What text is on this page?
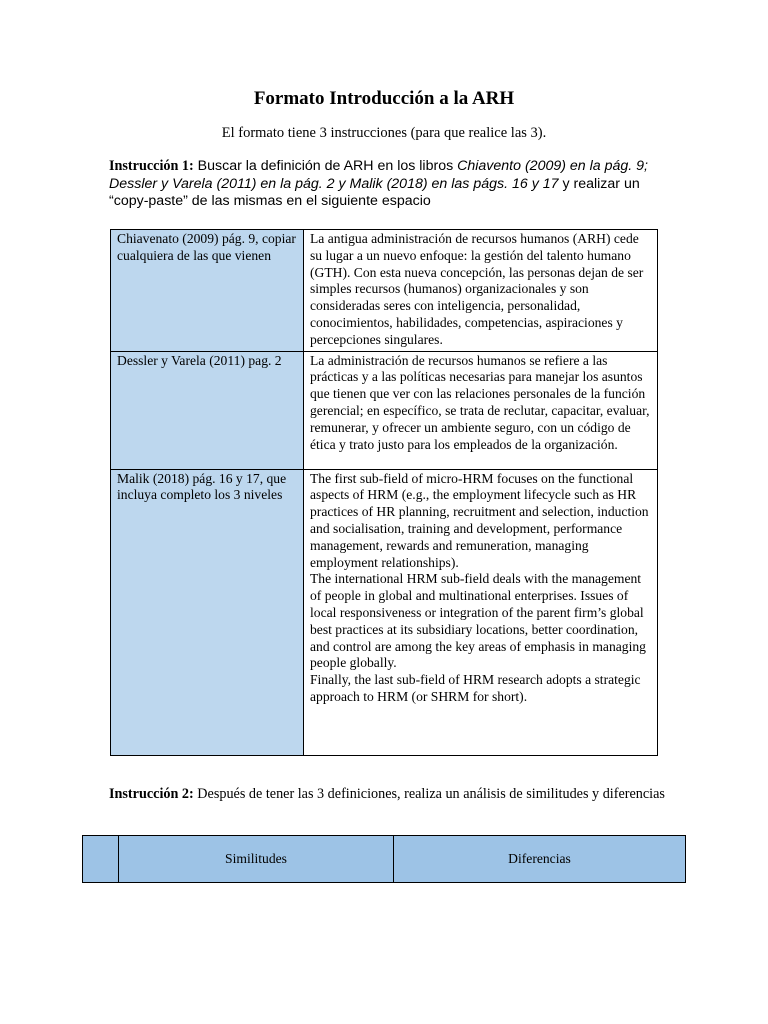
Formato Introducción a la ARH
El formato tiene 3 instrucciones (para que realice las 3).
Instrucción 1: Buscar la definición de ARH en los libros Chiavento (2009) en la pág. 9; Dessler y Varela (2011) en la pág. 2 y Malik (2018) en las págs. 16 y 17 y realizar un “copy-paste” de las mismas en el siguiente espacio
Chiavenato (2009) pág. 9, copiar cualquiera de las que vienen	La antigua administración de recursos humanos (ARH) cede su lugar a un nuevo enfoque: la gestión del talento humano (GTH). Con esta nueva concepción, las personas dejan de ser simples recursos (humanos) organizacionales y son consideradas seres con inteligencia, personalidad, conocimientos, habilidades, competencias, aspiraciones y percepciones singulares.

Dessler y Varela (2011) pag. 2	La administración de recursos humanos se refiere a las prácticas y a las políticas necesarias para manejar los asuntos que tienen que ver con las relaciones personales de la función gerencial; en específico, se trata de reclutar, capacitar, evaluar, remunerar, y ofrecer un ambiente seguro, con un código de ética y trato justo para los empleados de la organización.

Malik (2018) pág. 16 y 17, que incluya completo los 3 niveles	The first sub-field of micro-HRM focuses on the functional aspects of HRM (e.g., the employment lifecycle such as HR practices of HR planning, recruitment and selection, induction and socialisation, training and development, performance management, rewards and remuneration, managing employment relationships).
The international HRM sub-field deals with the management of people in global and multinational enterprises. Issues of local responsiveness or integration of the parent firm’s global best practices at its subsidiary locations, better coordination, and control are among the key areas of emphasis in managing people globally.
Finally, the last sub-field of HRM research adopts a strategic approach to HRM (or SHRM for short).
Instrucción 2: Después de tener las 3 definiciones, realiza un análisis de similitudes y diferencias
	Similitudes	Diferencias
